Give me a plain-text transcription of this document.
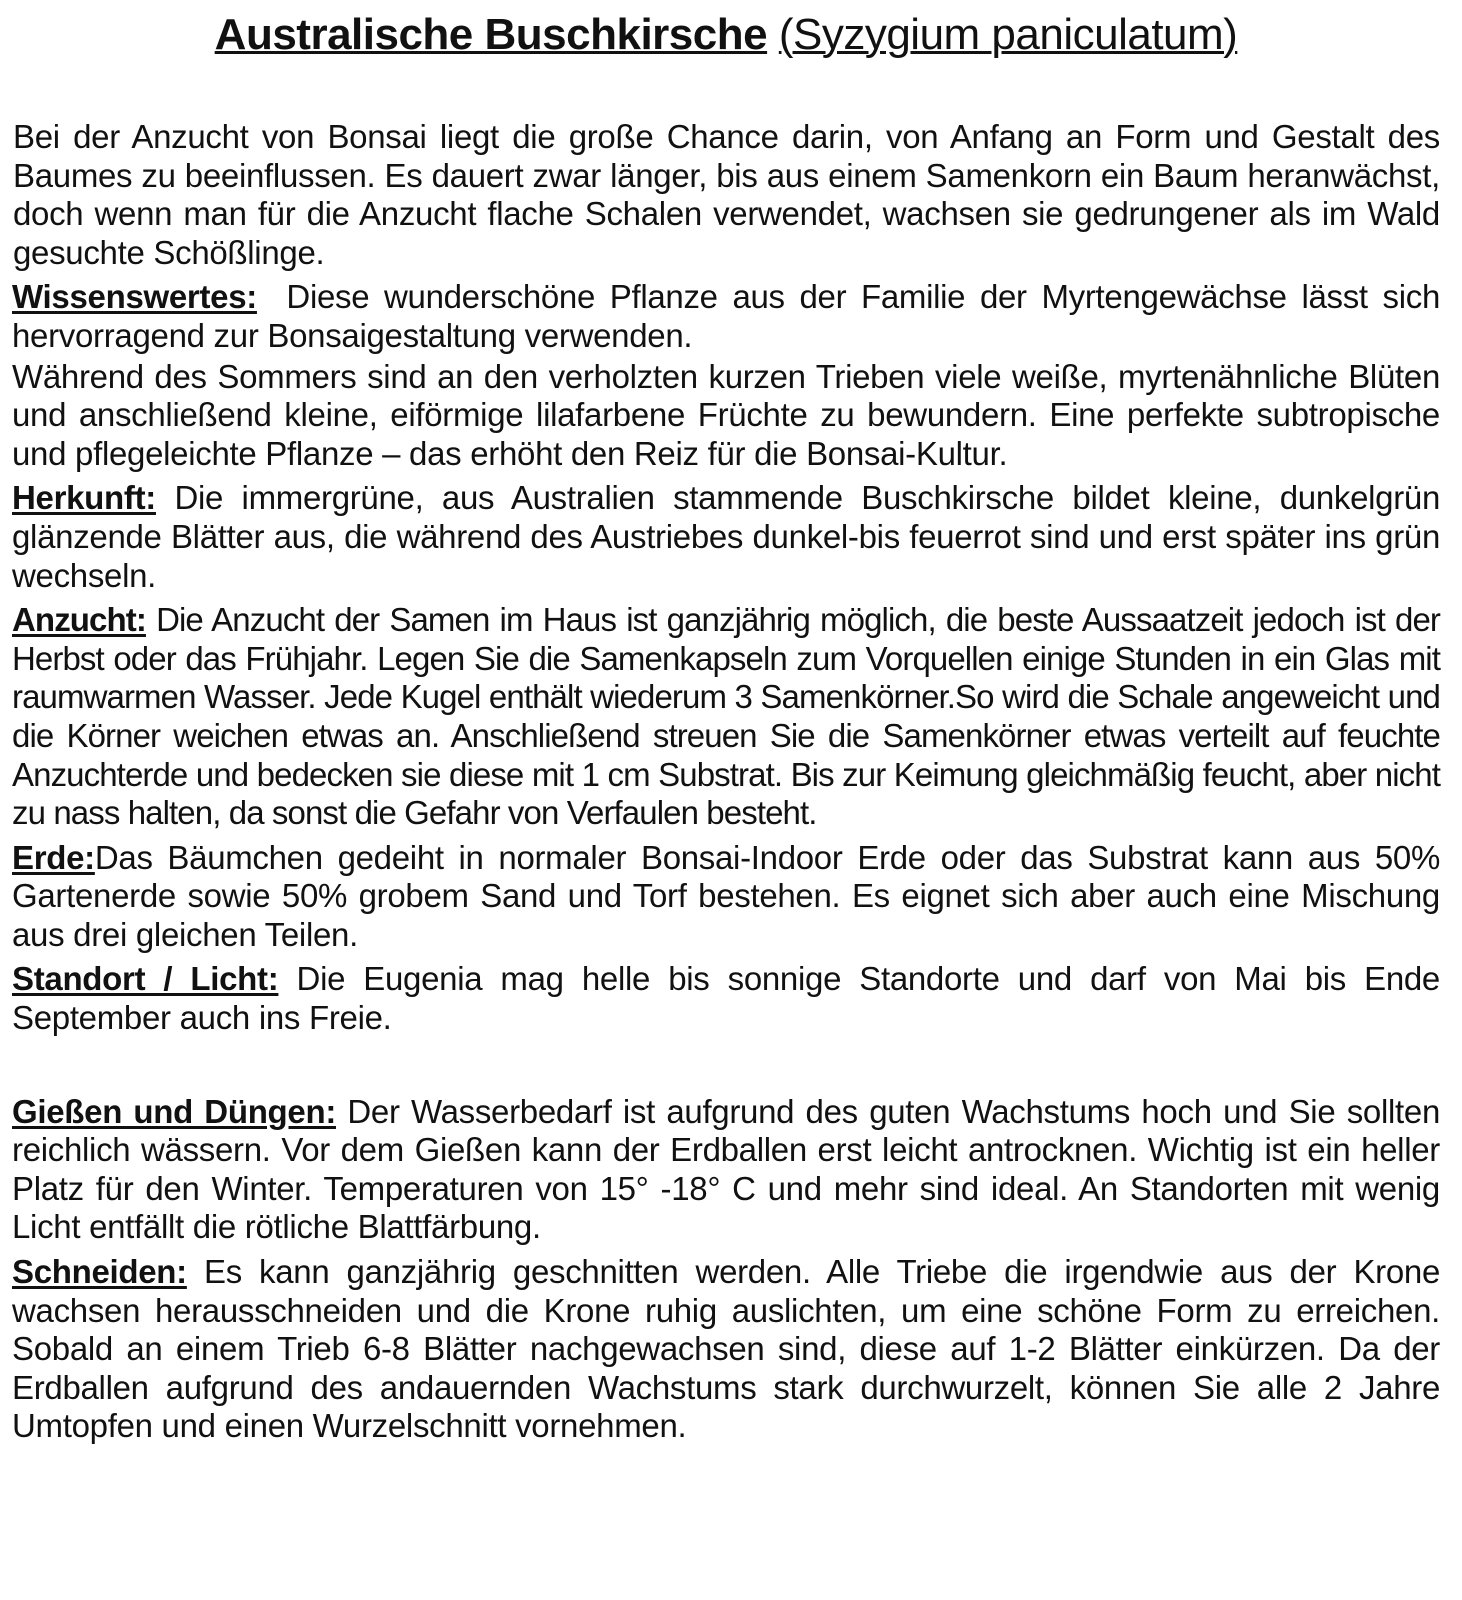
Australische Buschkirsche (Syzygium paniculatum)

Bei der Anzucht von Bonsai liegt die große Chance darin, von Anfang an Form und Gestalt des Baumes zu beeinflussen. Es dauert zwar länger, bis aus einem Samenkorn ein Baum heranwächst, doch wenn man für die Anzucht flache Schalen verwendet, wachsen sie gedrungener als im Wald gesuchte Schößlinge.

Wissenswertes: Diese wunderschöne Pflanze aus der Familie der Myrtengewächse lässt sich hervorragend zur Bonsaigestaltung verwenden.

Während des Sommers sind an den verholzten kurzen Trieben viele weiße, myrtenähnliche Blüten und anschließend kleine, eiförmige lilafarbene Früchte zu bewundern. Eine perfekte subtropische und pflegeleichte Pflanze – das erhöht den Reiz für die Bonsai-Kultur.

Herkunft: Die immergrüne, aus Australien stammende Buschkirsche bildet kleine, dunkelgrün glänzende Blätter aus, die während des Austriebes dunkel-bis feuerrot sind und erst später ins grün wechseln.

Anzucht: Die Anzucht der Samen im Haus ist ganzjährig möglich, die beste Aussaatzeit jedoch ist der Herbst oder das Frühjahr. Legen Sie die Samenkapseln zum Vorquellen einige Stunden in ein Glas mit raumwarmen Wasser. Jede Kugel enthält wiederum 3 Samenkörner.So wird die Schale angeweicht und die Körner weichen etwas an. Anschließend streuen Sie die Samenkörner etwas verteilt auf feuchte Anzuchterde und bedecken sie diese mit 1 cm Substrat. Bis zur Keimung gleichmäßig feucht, aber nicht zu nass halten, da sonst die Gefahr von Verfaulen besteht.

Erde:Das Bäumchen gedeiht in normaler Bonsai-Indoor Erde oder das Substrat kann aus 50% Gartenerde sowie 50% grobem Sand und Torf bestehen. Es eignet sich aber auch eine Mischung aus drei gleichen Teilen.

Standort / Licht: Die Eugenia mag helle bis sonnige Standorte und darf von Mai bis Ende September auch ins Freie.

Gießen und Düngen: Der Wasserbedarf ist aufgrund des guten Wachstums hoch und Sie sollten reichlich wässern. Vor dem Gießen kann der Erdballen erst leicht antrocknen. Wichtig ist ein heller Platz für den Winter. Temperaturen von 15° -18° C und mehr sind ideal. An Standorten mit wenig Licht entfällt die rötliche Blattfärbung.

Schneiden: Es kann ganzjährig geschnitten werden. Alle Triebe die irgendwie aus der Krone wachsen herausschneiden und die Krone ruhig auslichten, um eine schöne Form zu erreichen. Sobald an einem Trieb 6-8 Blätter nachgewachsen sind, diese auf 1-2 Blätter einkürzen. Da der Erdballen aufgrund des andauernden Wachstums stark durchwurzelt, können Sie alle 2 Jahre Umtopfen und einen Wurzelschnitt vornehmen.
